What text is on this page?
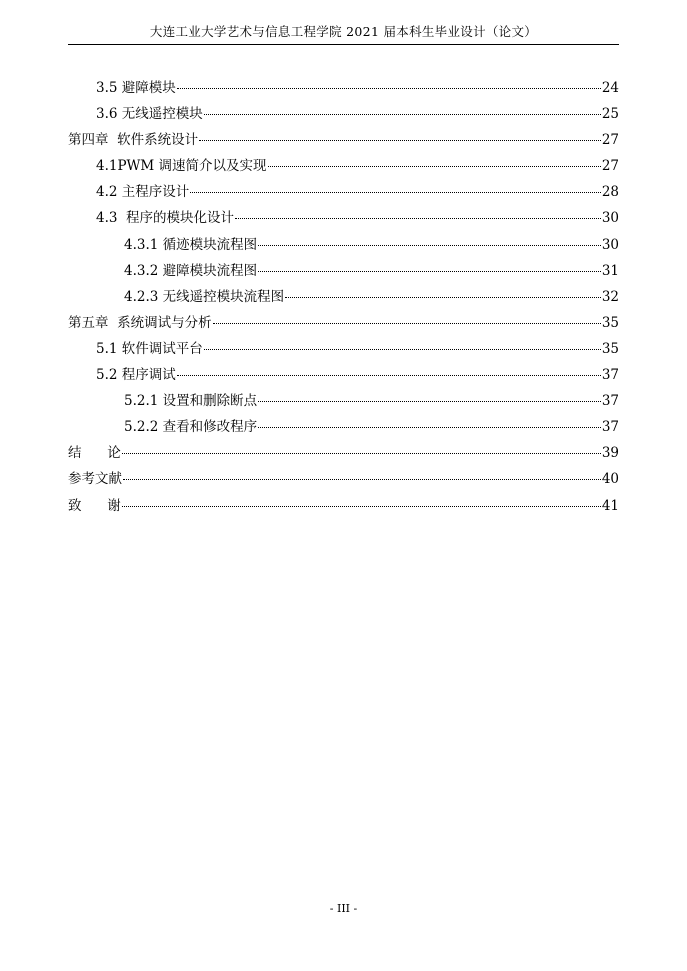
大连工业大学艺术与信息工程学院 2021 届本科生毕业设计（论文）
3.5 避障模块	24
3.6 无线遥控模块	25
第四章  软件系统设计	27
4.1PWM 调速简介以及实现	27
4.2 主程序设计	28
4.3  程序的模块化设计	30
4.3.1 循迹模块流程图	30
4.3.2 避障模块流程图	31
4.2.3 无线遥控模块流程图	32
第五章  系统调试与分析	35
5.1 软件调试平台	35
5.2 程序调试	37
5.2.1 设置和删除断点	37
5.2.2 查看和修改程序	37
结      论	39
参考文献	40
致      谢	41
- III -
